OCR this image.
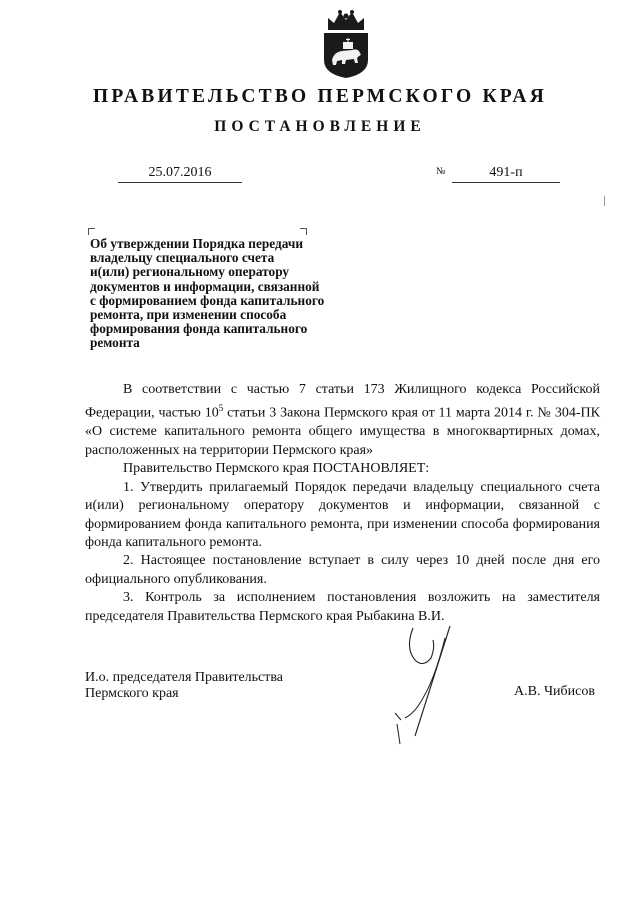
ПРАВИТЕЛЬСТВО ПЕРМСКОГО КРАЯ
ПОСТАНОВЛЕНИЕ
25.07.2016	№	491-п
Об утверждении Порядка передачи
владельцу специального счета
и(или) региональному оператору
документов и информации, связанной
с формированием фонда капитального
ремонта, при изменении способа
формирования фонда капитального
ремонта
В соответствии с частью 7 статьи 173 Жилищного кодекса Российской Федерации, частью $10^5$ статьи 3 Закона Пермского края от 11 марта 2014 г. № 304-ПК «О системе капитального ремонта общего имущества в многоквартирных домах, расположенных на территории Пермского края»
Правительство Пермского края ПОСТАНОВЛЯЕТ:
1. Утвердить прилагаемый Порядок передачи владельцу специального счета и(или) региональному оператору документов и информации, связанной с формированием фонда капитального ремонта, при изменении способа формирования фонда капитального ремонта.
2. Настоящее постановление вступает в силу через 10 дней после дня его официального опубликования.
3. Контроль за исполнением постановления возложить на заместителя председателя Правительства Пермского края Рыбакина В.И.
И.о. председателя Правительства
Пермского края	А.В. Чибисов
